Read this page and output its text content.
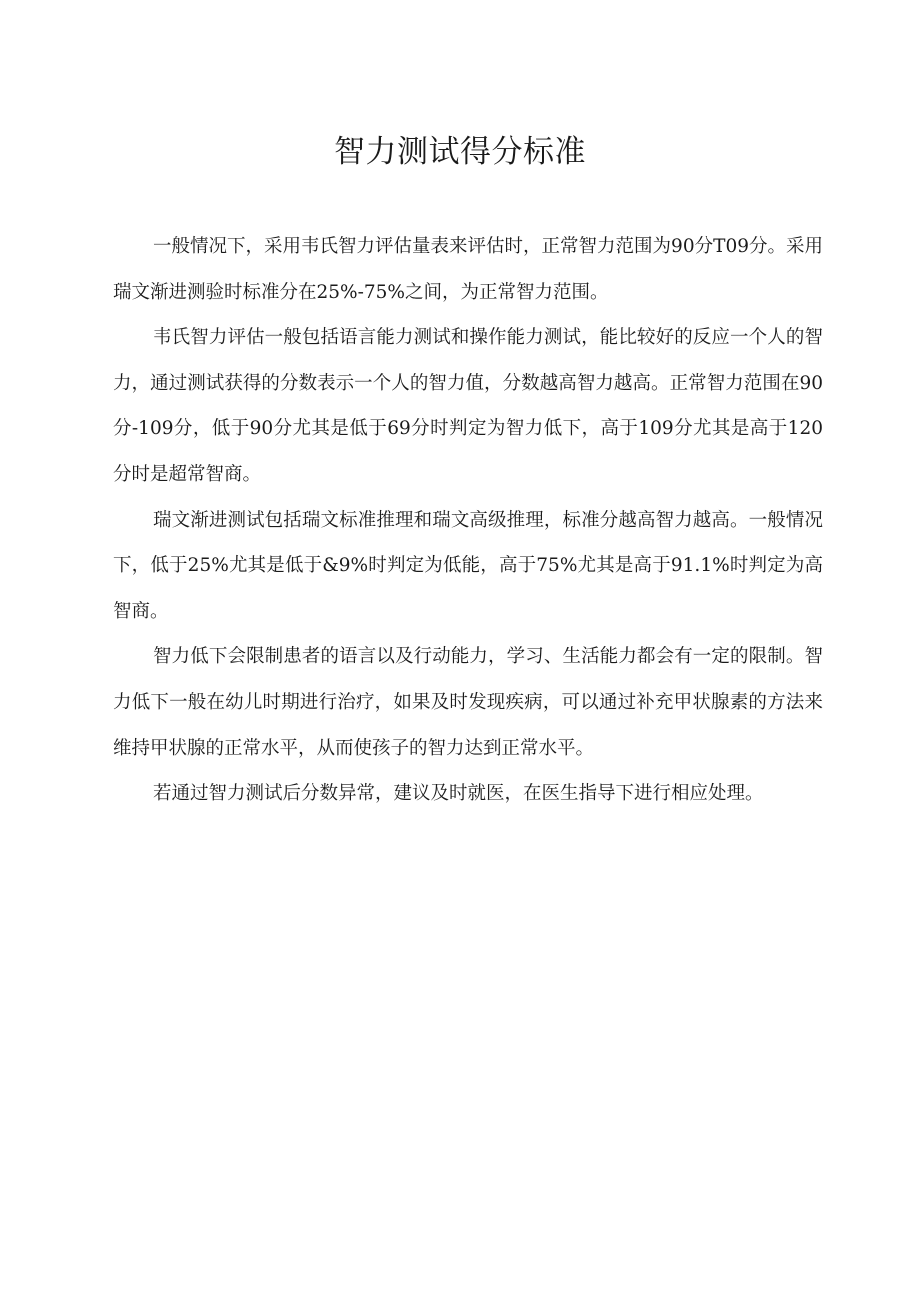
智力测试得分标准

一般情况下，采用韦氏智力评估量表来评估时，正常智力范围为90分T09分。采用瑞文渐进测验时标准分在25%-75%之间，为正常智力范围。

韦氏智力评估一般包括语言能力测试和操作能力测试，能比较好的反应一个人的智力，通过测试获得的分数表示一个人的智力值，分数越高智力越高。正常智力范围在90分-109分，低于90分尤其是低于69分时判定为智力低下，高于109分尤其是高于120分时是超常智商。

瑞文渐进测试包括瑞文标准推理和瑞文高级推理，标准分越高智力越高。一般情况下，低于25%尤其是低于&9%时判定为低能，高于75%尤其是高于91.1%时判定为高智商。

智力低下会限制患者的语言以及行动能力，学习、生活能力都会有一定的限制。智力低下一般在幼儿时期进行治疗，如果及时发现疾病，可以通过补充甲状腺素的方法来维持甲状腺的正常水平，从而使孩子的智力达到正常水平。

若通过智力测试后分数异常，建议及时就医，在医生指导下进行相应处理。
